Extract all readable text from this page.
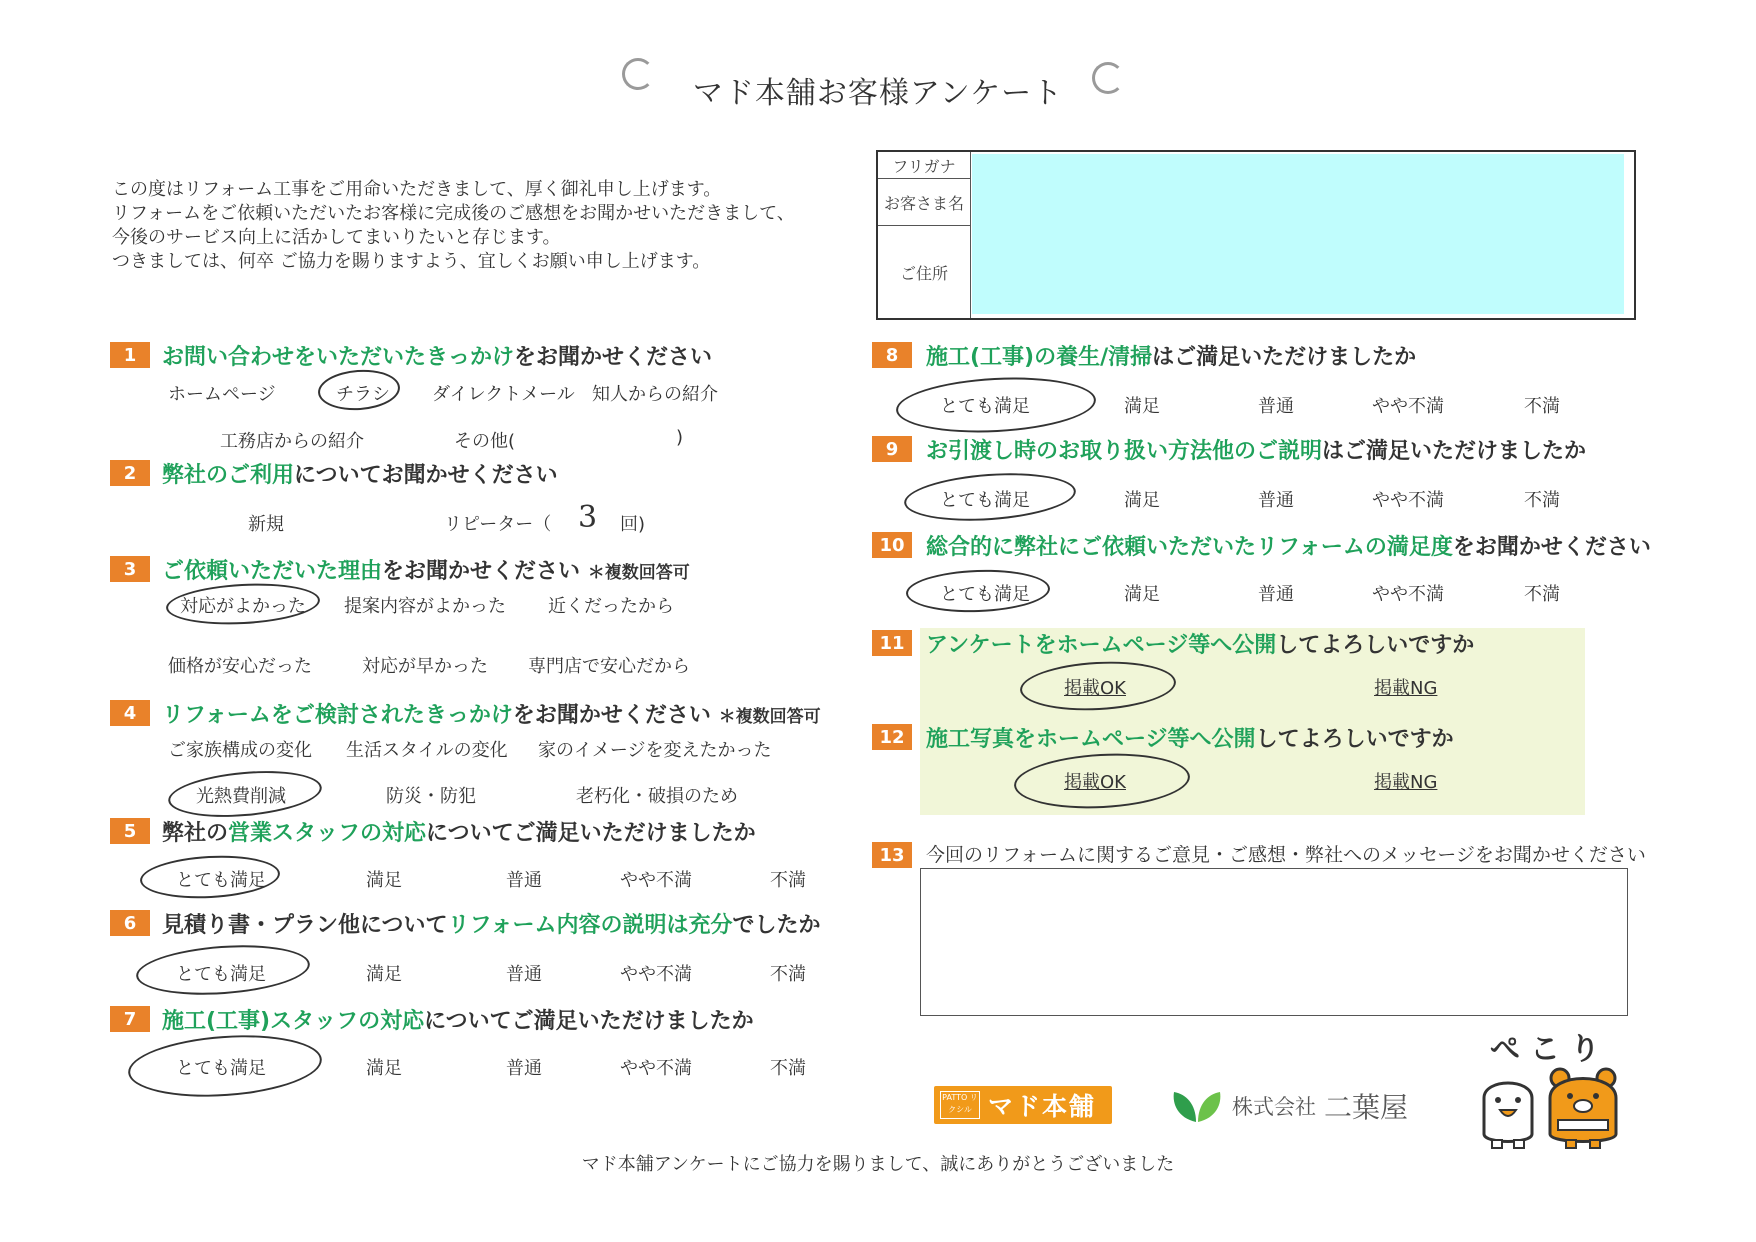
マド本舗お客様アンケート
この度はリフォーム工事をご用命いただきまして、厚く御礼申し上げます。
リフォームをご依頼いただいたお客様に完成後のご感想をお聞かせいただきまして、
今後のサービス向上に活かしてまいりたいと存じます。
つきましては、何卒 ご協力を賜りますよう、宜しくお願い申し上げます。
フリガナ
お客さま名
ご住所
1	お問い合わせをいただいたきっかけをお聞かせください
ホームページ	チラシ ダイレクトメール 知人からの紹介
工務店からの紹介	その他(	)
2	弊社のご利用についてお聞かせください
新規	リピーター（ 3 回)
3	ご依頼いただいた理由をお聞かせください ＊複数回答可
対応がよかった 提案内容がよかった 近くだったから
価格が安心だった	対応が早かった 専門店で安心だから
4	リフォームをご検討されたきっかけをお聞かせください ＊複数回答可
ご家族構成の変化 生活スタイルの変化 家のイメージを変えたかった
光熱費削減	防災・防犯	老朽化・破損のため
5	弊社の営業スタッフの対応についてご満足いただけましたか
とても満足	満足	普通	やや不満	不満
6	見積り書・プラン他についてリフォーム内容の説明は充分でしたか
とても満足	満足	普通	やや不満	不満
7	施工(工事)スタッフの対応についてご満足いただけましたか
とても満足	満足	普通	やや不満	不満
8	施工(工事)の養生/清掃はご満足いただけましたか
とても満足	満足	普通	やや不満	不満
9	お引渡し時のお取り扱い方法他のご説明はご満足いただけましたか
とても満足	満足	普通	やや不満	不満
10 総合的に弊社にご依頼いただいたリフォームの満足度をお聞かせください
とても満足	満足	普通	やや不満	不満
11 アンケートをホームページ等へ公開してよろしいですか
掲載OK	掲載NG
12 施工写真をホームページ等へ公開してよろしいですか
掲載OK	掲載NG
13	今回のリフォームに関するご意見・ご感想・弊社へのメッセージをお聞かせください
PATTO リクシル マド本舗	株式会社 二葉屋
ぺこり
マド本舗アンケートにご協力を賜りまして、誠にありがとうございました
